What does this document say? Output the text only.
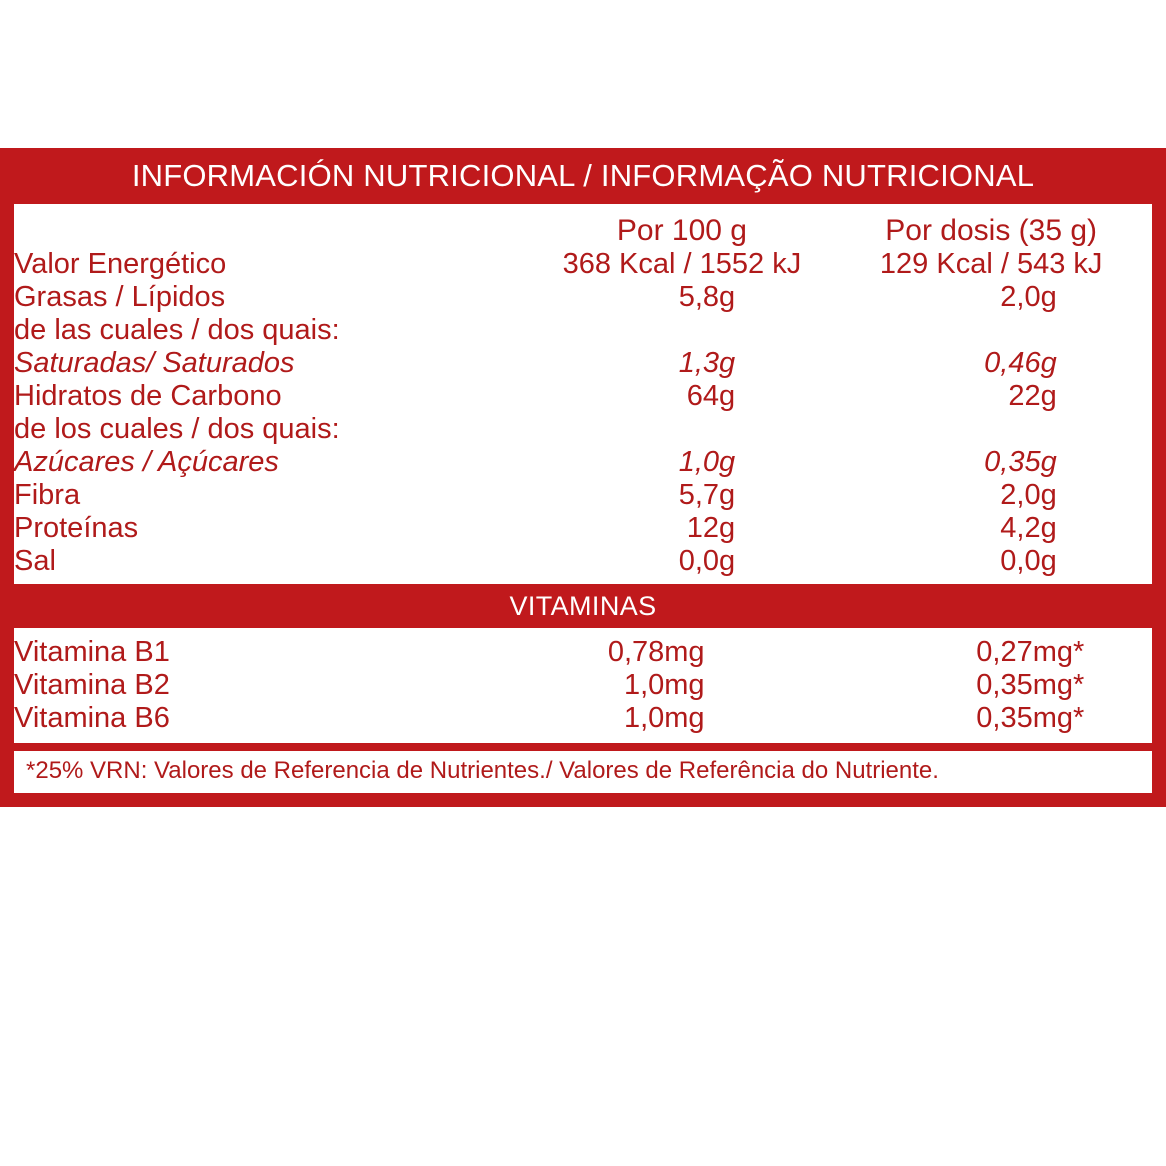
INFORMACIÓN NUTRICIONAL / INFORMAÇÃO NUTRICIONAL
	Por 100 g		Por dosis (35 g)	
Valor Energético	368 Kcal / 1552 kJ		129 Kcal / 543 kJ	
Grasas / Lípidos	5,8	g	2,0	g
de las cuales / dos quais:				
Saturadas/ Saturados	1,3	g	0,46	g
Hidratos de Carbono	64	g	22	g
de los cuales / dos quais:				
Azúcares / Açúcares	1,0	g	0,35	g
Fibra	5,7	g	2,0	g
Proteínas	12	g	4,2	g
Sal	0,0	g	0,0	g
VITAMINAS
Vitamina B1	0,78	mg	0,27	mg*
Vitamina B2	1,0	mg	0,35	mg*
Vitamina B6	1,0	mg	0,35	mg*
*25% VRN: Valores de Referencia de Nutrientes./ Valores de Referência do Nutriente.
